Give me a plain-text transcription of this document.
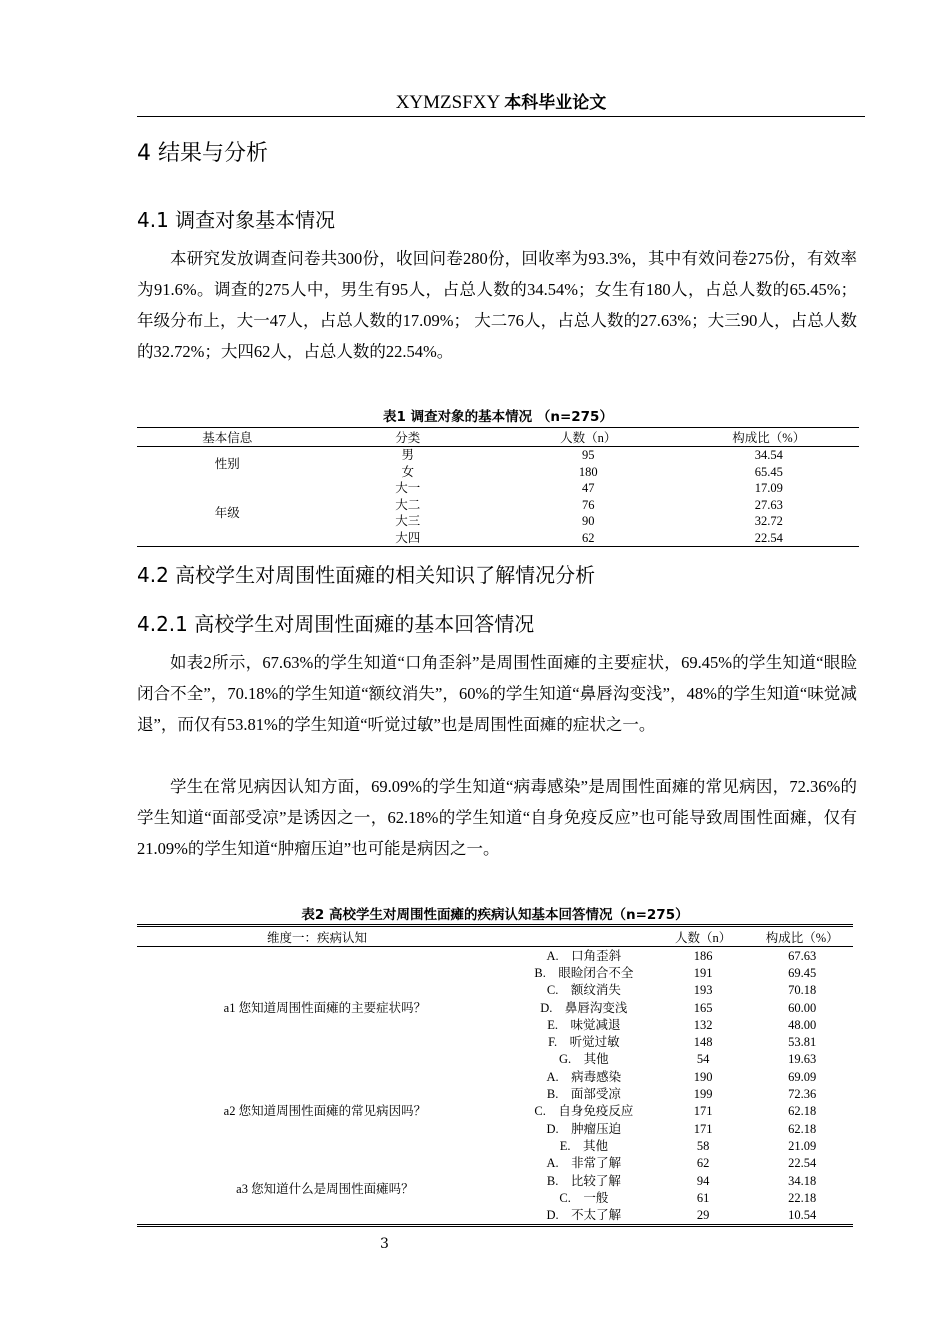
XYMZSFXY 本科毕业论文
4 结果与分析
4.1 调查对象基本情况
本研究发放调查问卷共300份，收回问卷280份，回收率为93.3%，其中有效问卷275份，有效率为91.6%。调查的275人中，男生有95人，占总人数的34.54%；女生有180人，占总人数的65.45%；年级分布上，大一47人，占总人数的17.09%； 大二76人，占总人数的27.63%；大三90人，占总人数的32.72%；大四62人，占总人数的22.54%。
表1 调查对象的基本情况 （n=275）
基本信息	分类	人数（n）	构成比（%）
性别	男	95	34.54
	女	180	65.45
年级	大一	47	17.09
	大二	76	27.63
	大三	90	32.72
	大四	62	22.54
4.2 高校学生对周围性面瘫的相关知识了解情况分析
4.2.1 高校学生对周围性面瘫的基本回答情况
如表2所示，67.63%的学生知道“口角歪斜”是周围性面瘫的主要症状，69.45%的学生知道“眼睑闭合不全”，70.18%的学生知道“额纹消失”，60%的学生知道“鼻唇沟变浅”，48%的学生知道“味觉减退”，而仅有53.81%的学生知道“听觉过敏”也是周围性面瘫的症状之一。
学生在常见病因认知方面，69.09%的学生知道“病毒感染”是周围性面瘫的常见病因，72.36%的学生知道“面部受凉”是诱因之一，62.18%的学生知道“自身免疫反应”也可能导致周围性面瘫，仅有21.09%的学生知道“肿瘤压迫”也可能是病因之一。
表2 高校学生对周围性面瘫的疾病认知基本回答情况（n=275）
维度一：疾病认知		人数（n）	构成比（%）
a1 您知道周围性面瘫的主要症状吗？	A.　口角歪斜	186	67.63
	B.　眼睑闭合不全	191	69.45
	C.　额纹消失	193	70.18
	D.　鼻唇沟变浅	165	60.00
	E.　味觉减退	132	48.00
	F.　听觉过敏	148	53.81
	G.　其他	54	19.63
a2 您知道周围性面瘫的常见病因吗？	A.　病毒感染	190	69.09
	B.　面部受凉	199	72.36
	C.　自身免疫反应	171	62.18
	D.　肿瘤压迫	171	62.18
	E.　其他	58	21.09
a3 您知道什么是周围性面瘫吗？	A.　非常了解	62	22.54
	B.　比较了解	94	34.18
	C.　一般	61	22.18
	D.　不太了解	29	10.54
3
